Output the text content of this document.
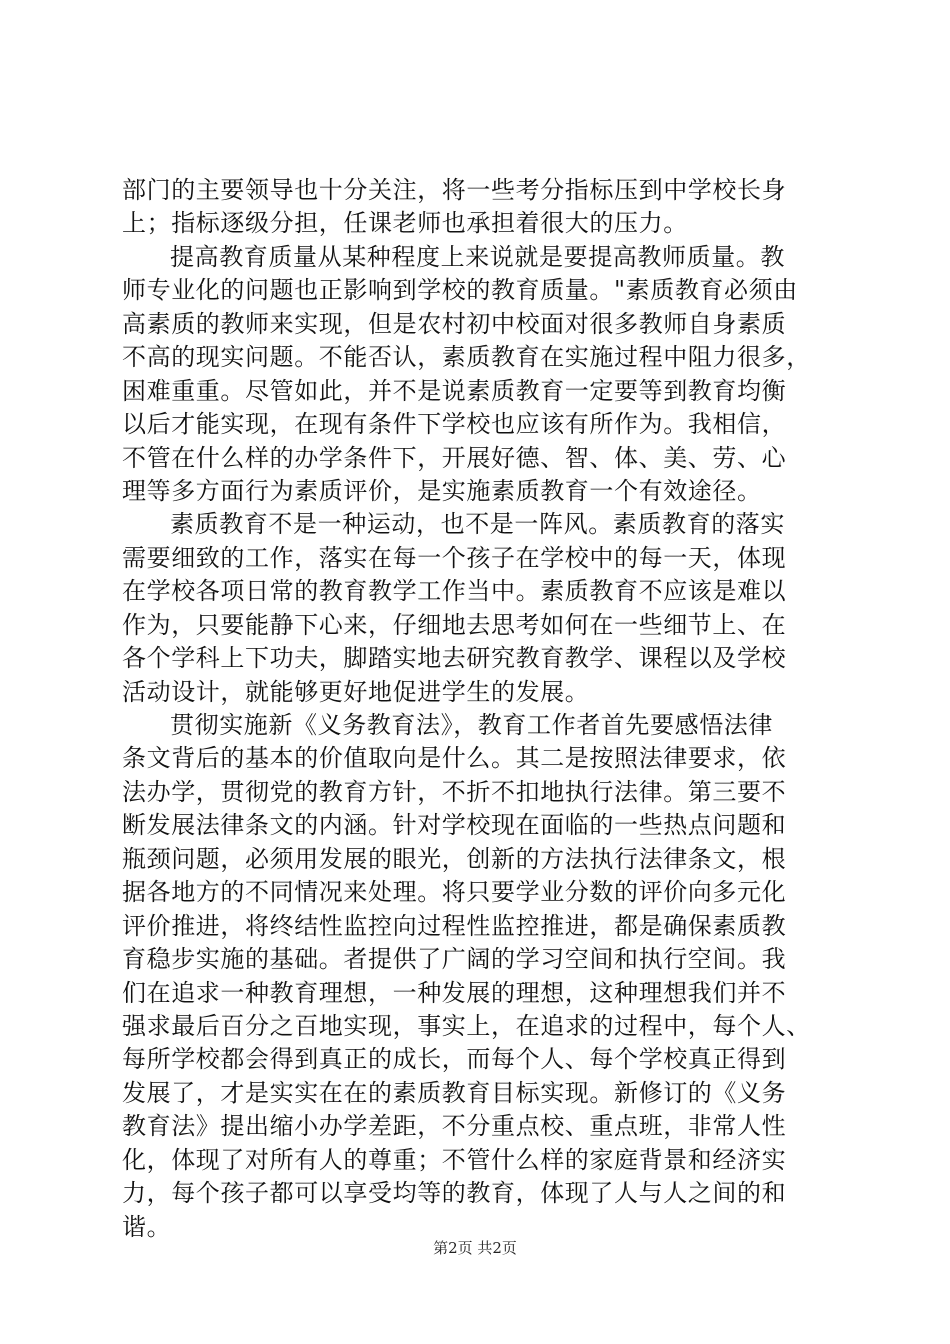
部门的主要领导也十分关注，将一些考分指标压到中学校长身
上；指标逐级分担，任课老师也承担着很大的压力。
提高教育质量从某种程度上来说就是要提高教师质量。教
师专业化的问题也正影响到学校的教育质量。"素质教育必须由
高素质的教师来实现，但是农村初中校面对很多教师自身素质
不高的现实问题。不能否认，素质教育在实施过程中阻力很多，
困难重重。尽管如此，并不是说素质教育一定要等到教育均衡
以后才能实现，在现有条件下学校也应该有所作为。我相信，
不管在什么样的办学条件下，开展好德、智、体、美、劳、心
理等多方面行为素质评价，是实施素质教育一个有效途径。
素质教育不是一种运动，也不是一阵风。素质教育的落实
需要细致的工作，落实在每一个孩子在学校中的每一天，体现
在学校各项日常的教育教学工作当中。素质教育不应该是难以
作为，只要能静下心来，仔细地去思考如何在一些细节上、在
各个学科上下功夫，脚踏实地去研究教育教学、课程以及学校
活动设计，就能够更好地促进学生的发展。
贯彻实施新《义务教育法》，教育工作者首先要感悟法律
条文背后的基本的价值取向是什么。其二是按照法律要求，依
法办学，贯彻党的教育方针，不折不扣地执行法律。第三要不
断发展法律条文的内涵。针对学校现在面临的一些热点问题和
瓶颈问题，必须用发展的眼光，创新的方法执行法律条文，根
据各地方的不同情况来处理。将只要学业分数的评价向多元化
评价推进，将终结性监控向过程性监控推进，都是确保素质教
育稳步实施的基础。者提供了广阔的学习空间和执行空间。我
们在追求一种教育理想，一种发展的理想，这种理想我们并不
强求最后百分之百地实现，事实上，在追求的过程中，每个人、
每所学校都会得到真正的成长，而每个人、每个学校真正得到
发展了，才是实实在在的素质教育目标实现。新修订的《义务
教育法》提出缩小办学差距，不分重点校、重点班，非常人性
化，体现了对所有人的尊重；不管什么样的家庭背景和经济实
力，每个孩子都可以享受均等的教育，体现了人与人之间的和
谐。
第2页 共2页
